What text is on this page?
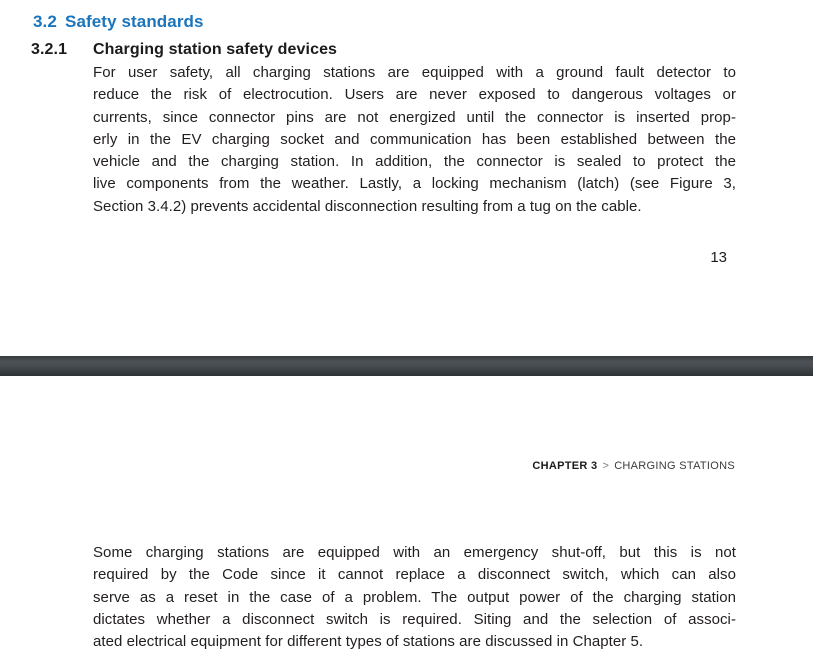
3.2 Safety standards
3.2.1 Charging station safety devices
For user safety, all charging stations are equipped with a ground fault detector to
reduce the risk of electrocution. Users are never exposed to dangerous voltages or
currents, since connector pins are not energized until the connector is inserted prop-
erly in the EV charging socket and communication has been established between the
vehicle and the charging station. In addition, the connector is sealed to protect the
live components from the weather. Lastly, a locking mechanism (latch) (see Figure 3,
Section 3.4.2) prevents accidental disconnection resulting from a tug on the cable.
13
CHAPTER 3 > CHARGING STATIONS
Some charging stations are equipped with an emergency shut-off, but this is not
required by the Code since it cannot replace a disconnect switch, which can also
serve as a reset in the case of a problem. The output power of the charging station
dictates whether a disconnect switch is required. Siting and the selection of associ-
ated electrical equipment for different types of stations are discussed in Chapter 5.
